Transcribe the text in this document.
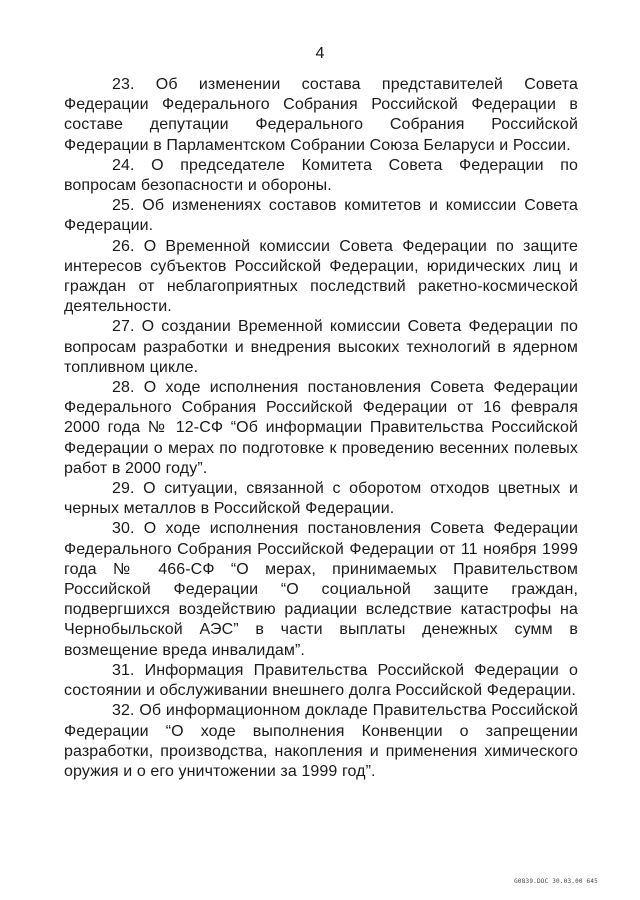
4

23. Об изменении состава представителей Совета Федерации Федерального Собрания Российской Федерации в составе депутации Федерального Собрания Российской Федерации в Парламентском Собрании Союза Беларуси и России.

24. О председателе Комитета Совета Федерации по вопросам безопасности и обороны.

25. Об изменениях составов комитетов и комиссии Совета Федерации.

26. О Временной комиссии Совета Федерации по защите интересов субъектов Российской Федерации, юридических лиц и граждан от неблагоприятных последствий ракетно-космической деятельности.

27. О создании Временной комиссии Совета Федерации по вопросам разработки и внедрения высоких технологий в ядерном топливном цикле.

28. О ходе исполнения постановления Совета Федерации Федерального Собрания Российской Федерации от 16 февраля 2000 года № 12-СФ “Об информации Правительства Российской Федерации о мерах по подготовке к проведению весенних полевых работ в 2000 году”.

29. О ситуации, связанной с оборотом отходов цветных и черных металлов в Российской Федерации.

30. О ходе исполнения постановления Совета Федерации Федерального Собрания Российской Федерации от 11 ноября 1999 года № 466-СФ “О мерах, принимаемых Правительством Российской Федерации “О социальной защите граждан, подвергшихся воздействию радиации вследствие катастрофы на Чернобыльской АЭС” в части выплаты денежных сумм в возмещение вреда инвалидам”.

31. Информация Правительства Российской Федерации о состоянии и обслуживании внешнего долга Российской Федерации.

32. Об информационном докладе Правительства Российской Федерации “О ходе выполнения Конвенции о запрещении разработки, производства, накопления и применения химического оружия и о его уничтожении за 1999 год”.

G0839.DOC 30.03.00 645
